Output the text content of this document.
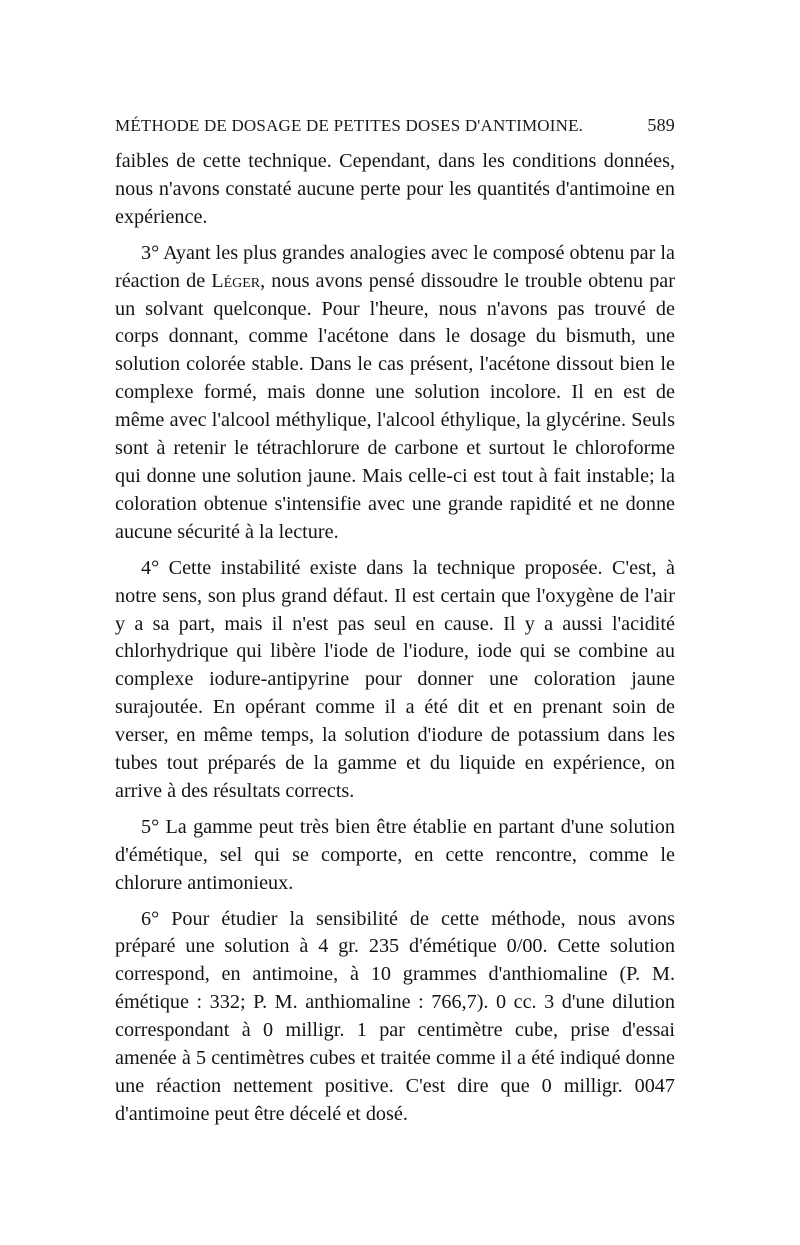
MÉTHODE DE DOSAGE DE PETITES DOSES D'ANTIMOINE.	589

faibles de cette technique. Cependant, dans les conditions données, nous n'avons constaté aucune perte pour les quantités d'antimoine en expérience.

3° Ayant les plus grandes analogies avec le composé obtenu par la réaction de Léger, nous avons pensé dissoudre le trouble obtenu par un solvant quelconque. Pour l'heure, nous n'avons pas trouvé de corps donnant, comme l'acétone dans le dosage du bismuth, une solution colorée stable. Dans le cas présent, l'acétone dissout bien le complexe formé, mais donne une solution incolore. Il en est de même avec l'alcool méthylique, l'alcool éthylique, la glycérine. Seuls sont à retenir le tétrachlorure de carbone et surtout le chloroforme qui donne une solution jaune. Mais celle-ci est tout à fait instable; la coloration obtenue s'intensifie avec une grande rapidité et ne donne aucune sécurité à la lecture.

4° Cette instabilité existe dans la technique proposée. C'est, à notre sens, son plus grand défaut. Il est certain que l'oxygène de l'air y a sa part, mais il n'est pas seul en cause. Il y a aussi l'acidité chlorhydrique qui libère l'iode de l'iodure, iode qui se combine au complexe iodure-antipyrine pour donner une coloration jaune surajoutée. En opérant comme il a été dit et en prenant soin de verser, en même temps, la solution d'iodure de potassium dans les tubes tout préparés de la gamme et du liquide en expérience, on arrive à des résultats corrects.

5° La gamme peut très bien être établie en partant d'une solution d'émétique, sel qui se comporte, en cette rencontre, comme le chlorure antimonieux.

6° Pour étudier la sensibilité de cette méthode, nous avons préparé une solution à 4 gr. 235 d'émétique 0/00. Cette solution correspond, en antimoine, à 10 grammes d'anthiomaline (P. M. émétique : 332; P. M. anthiomaline : 766,7). 0 cc. 3 d'une dilution correspondant à 0 milligr. 1 par centimètre cube, prise d'essai amenée à 5 centimètres cubes et traitée comme il a été indiqué donne une réaction nettement positive. C'est dire que 0 milligr. 0047 d'antimoine peut être décelé et dosé.
